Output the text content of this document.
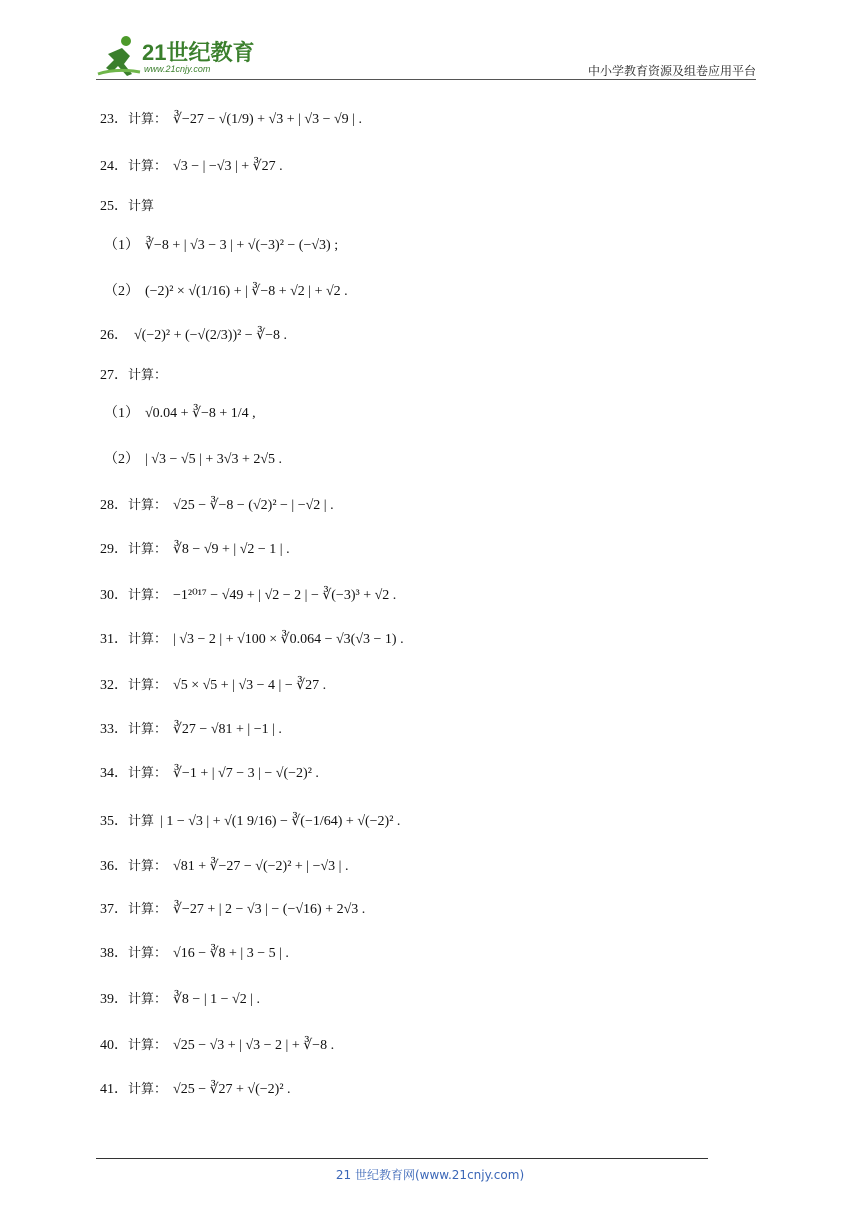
21世纪教育
www.21cnjy.com	中小学教育资源及组卷应用平台
23．计算： ∛−27 − √(1/9) + √3 + | √3 − √9 | .
24．计算： √3 − | −√3 | + ∛27 .
25．计算
（1） ∛−8 + | √3 − 3 | + √(−3)² − (−√3) ;
（2） (−2)² × √(1/16) + | ∛−8 + √2 | + √2 .
26． √(−2)² + (−√(2/3))² − ∛−8 .
27．计算：
（1） √0.04 + ∛−8 + 1/4 ,
（2） | √3 − √5 | + 3√3 + 2√5 .
28．计算： √25 − ∛−8 − (√2)² − | −√2 | .
29．计算： ∛8 − √9 + | √2 − 1 | .
30．计算： −1²⁰¹⁷ − √49 + | √2 − 2 | − ∛(−3)³ + √2 .
31．计算： | √3 − 2 | + √100 × ∛0.064 − √3(√3 − 1) .
32．计算： √5 × √5 + | √3 − 4 | − ∛27 .
33．计算： ∛27 − √81 + | −1 | .
34．计算： ∛−1 + | √7 − 3 | − √(−2)² .
35．计算 | 1 − √3 | + √(1 9/16) − ∛(−1/64) + √(−2)² .
36．计算： √81 + ∛−27 − √(−2)² + | −√3 | .
37．计算： ∛−27 + | 2 − √3 | − (−√16) + 2√3 .
38．计算： √16 − ∛8 + | 3 − 5 | .
39．计算： ∛8 − | 1 − √2 | .
40．计算： √25 − √3 + | √3 − 2 | + ∛−8 .
41．计算： √25 − ∛27 + √(−2)² .
21 世纪教育网(www.21cnjy.com)
